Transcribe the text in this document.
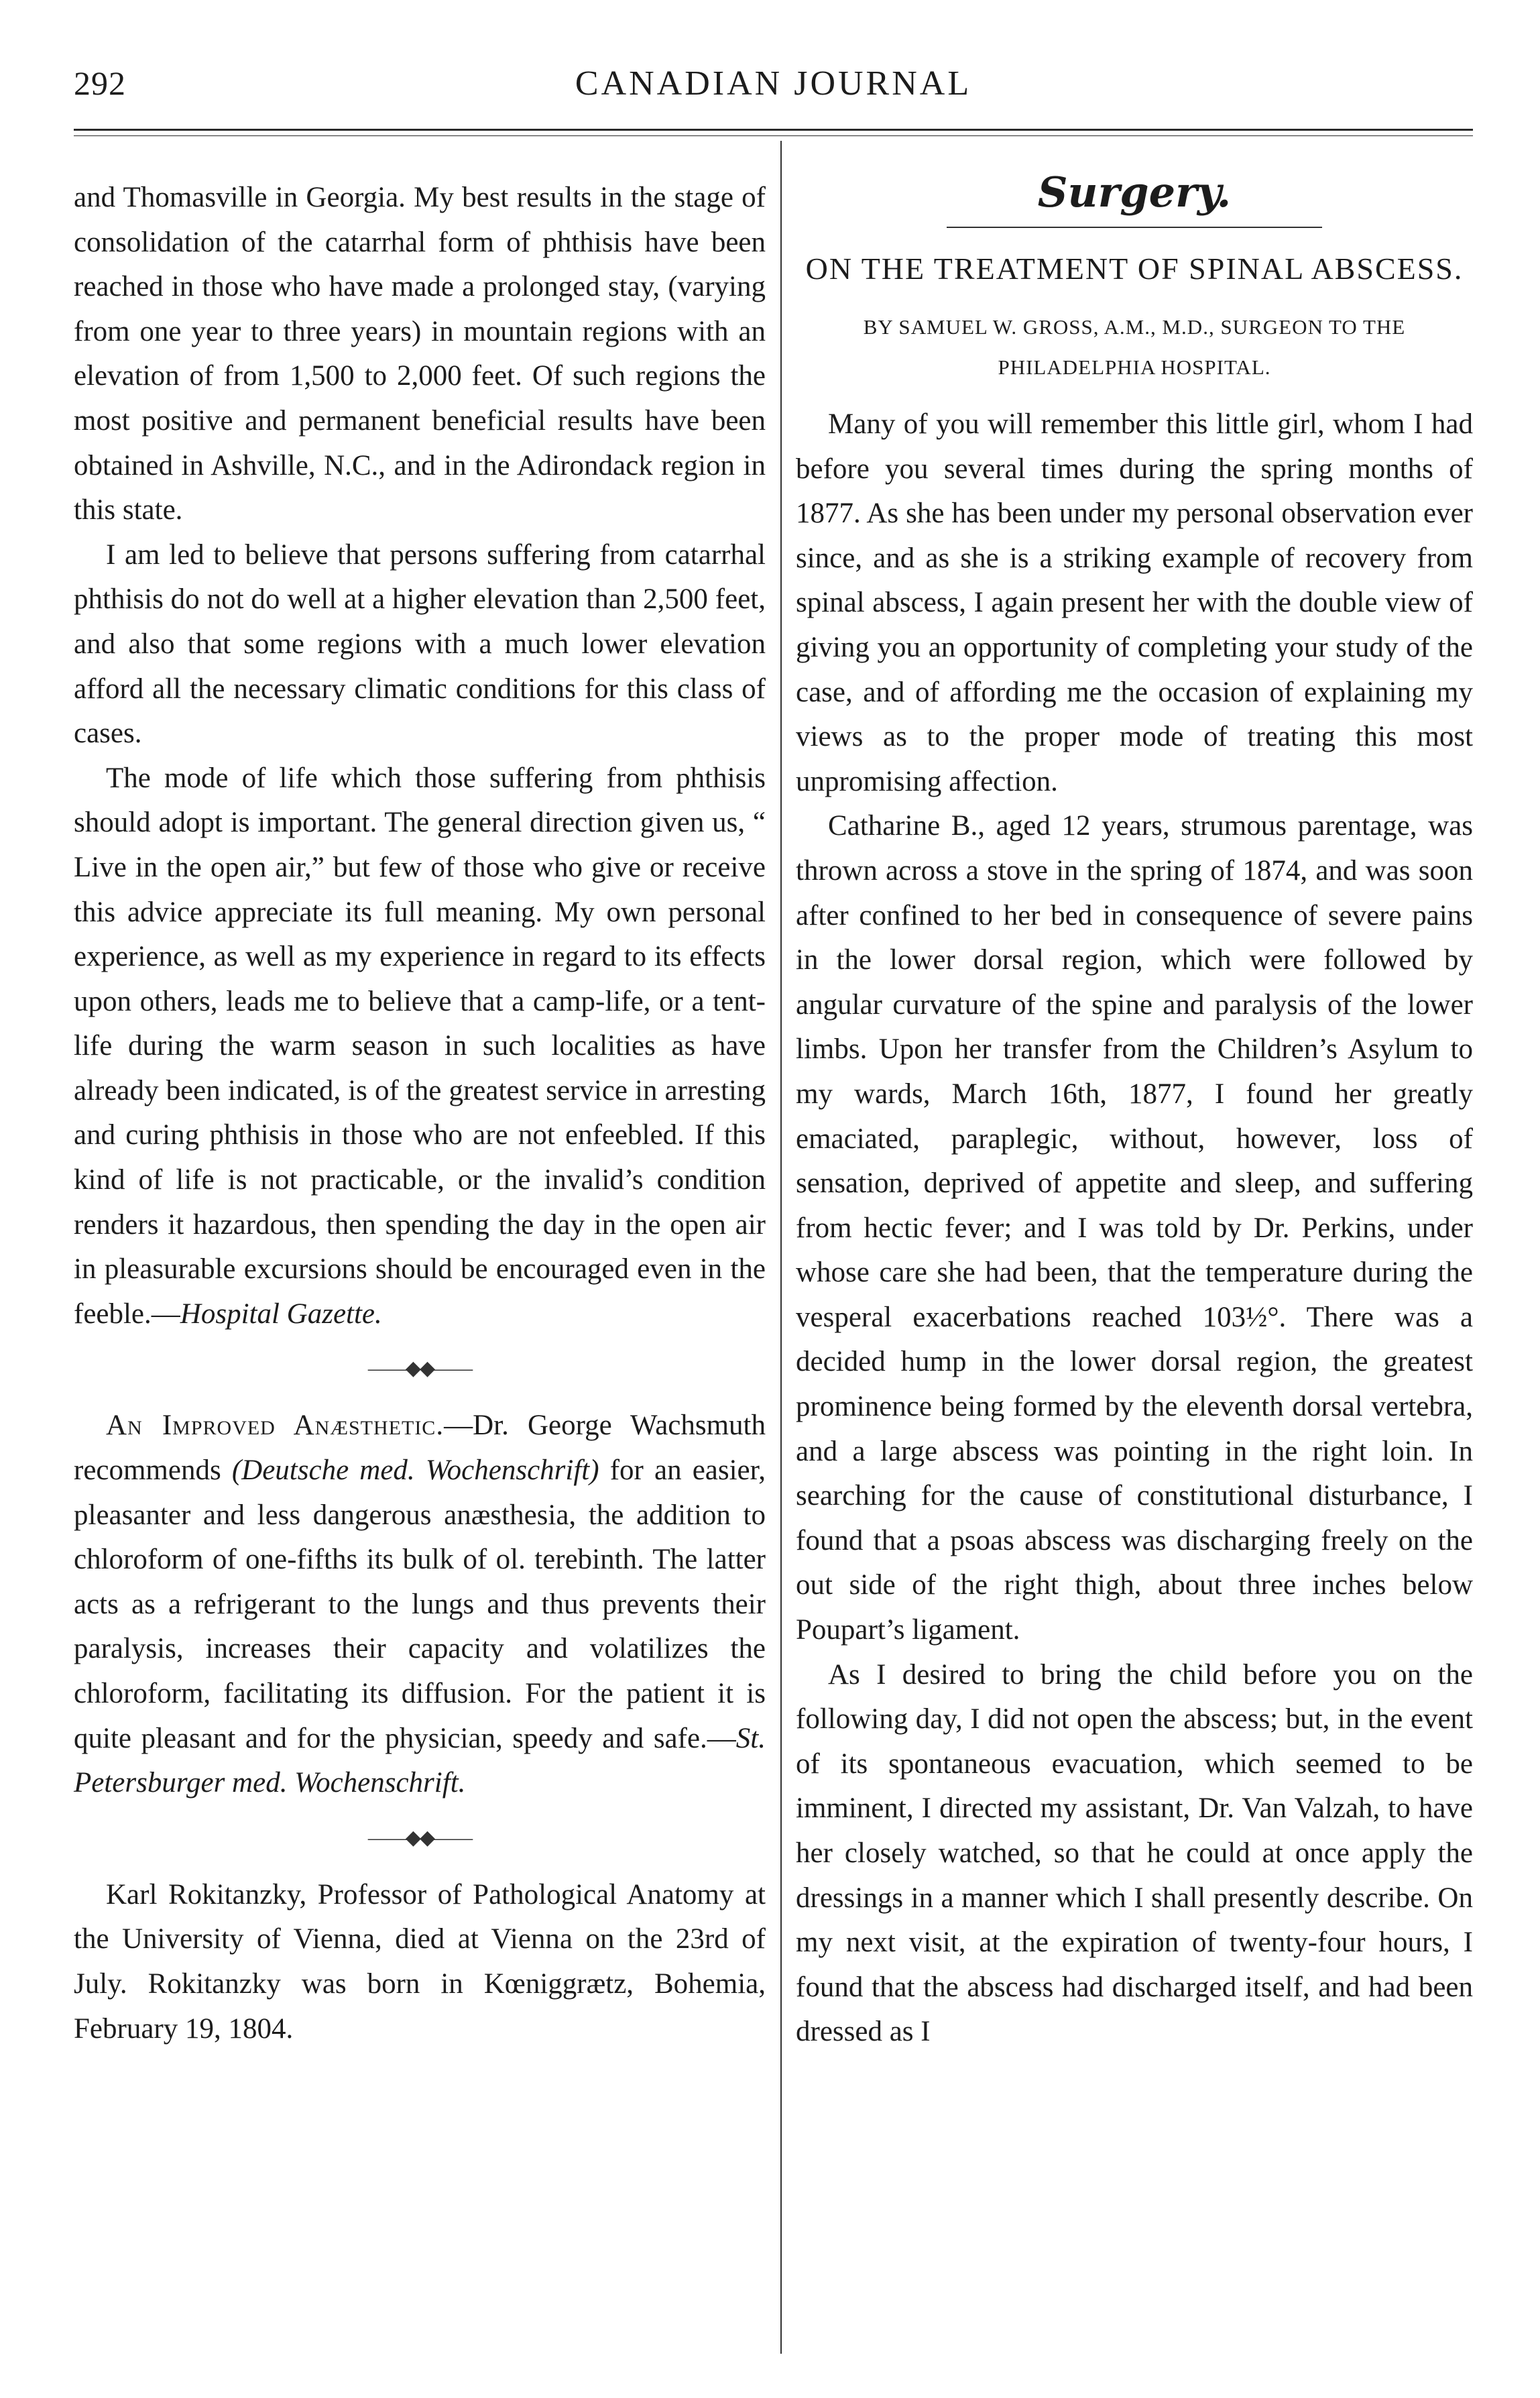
292	CANADIAN JOURNAL

and Thomasville in Georgia. My best results in the stage of consolidation of the catarrhal form of phthisis have been reached in those who have made a prolonged stay, (varying from one year to three years) in mountain regions with an elevation of from 1,500 to 2,000 feet. Of such regions the most positive and permanent beneficial results have been obtained in Ashville, N.C., and in the Adirondack region in this state.

I am led to believe that persons suffering from catarrhal phthisis do not do well at a higher elevation than 2,500 feet, and also that some regions with a much lower elevation afford all the necessary climatic conditions for this class of cases.

The mode of life which those suffering from phthisis should adopt is important. The general direction given us, “ Live in the open air,” but few of those who give or receive this advice appreciate its full meaning. My own personal experience, as well as my experience in regard to its effects upon others, leads me to believe that a camp-life, or a tent-life during the warm season in such localities as have already been indicated, is of the greatest service in arresting and curing phthisis in those who are not enfeebled. If this kind of life is not practicable, or the invalid’s condition renders it hazardous, then spending the day in the open air in pleasurable excursions should be encouraged even in the feeble.—Hospital Gazette.

——◆◆——

An Improved Anæsthetic.—Dr. George Wachsmuth recommends (Deutsche med. Wochenschrift) for an easier, pleasanter and less dangerous anæsthesia, the addition to chloroform of one-fifths its bulk of ol. terebinth. The latter acts as a refrigerant to the lungs and thus prevents their paralysis, increases their capacity and volatilizes the chloroform, facilitating its diffusion. For the patient it is quite pleasant and for the physician, speedy and safe.—St. Petersburger med. Wochenschrift.

——◆◆——

Karl Rokitanzky, Professor of Pathological Anatomy at the University of Vienna, died at Vienna on the 23rd of July. Rokitanzky was born in Kœniggrætz, Bohemia, February 19, 1804.

Surgery.
ON THE TREATMENT OF SPINAL ABSCESS.
BY SAMUEL W. GROSS, A.M., M.D., SURGEON TO THE PHILADELPHIA HOSPITAL.

Many of you will remember this little girl, whom I had before you several times during the spring months of 1877. As she has been under my personal observation ever since, and as she is a striking example of recovery from spinal abscess, I again present her with the double view of giving you an opportunity of completing your study of the case, and of affording me the occasion of explaining my views as to the proper mode of treating this most unpromising affection.

Catharine B., aged 12 years, strumous parentage, was thrown across a stove in the spring of 1874, and was soon after confined to her bed in consequence of severe pains in the lower dorsal region, which were followed by angular curvature of the spine and paralysis of the lower limbs. Upon her transfer from the Children’s Asylum to my wards, March 16th, 1877, I found her greatly emaciated, paraplegic, without, however, loss of sensation, deprived of appetite and sleep, and suffering from hectic fever; and I was told by Dr. Perkins, under whose care she had been, that the temperature during the vesperal exacerbations reached 103½°. There was a decided hump in the lower dorsal region, the greatest prominence being formed by the eleventh dorsal vertebra, and a large abscess was pointing in the right loin. In searching for the cause of constitutional disturbance, I found that a psoas abscess was discharging freely on the out side of the right thigh, about three inches below Poupart’s ligament.

As I desired to bring the child before you on the following day, I did not open the abscess; but, in the event of its spontaneous evacuation, which seemed to be imminent, I directed my assistant, Dr. Van Valzah, to have her closely watched, so that he could at once apply the dressings in a manner which I shall presently describe. On my next visit, at the expiration of twenty-four hours, I found that the abscess had discharged itself, and had been dressed as I
